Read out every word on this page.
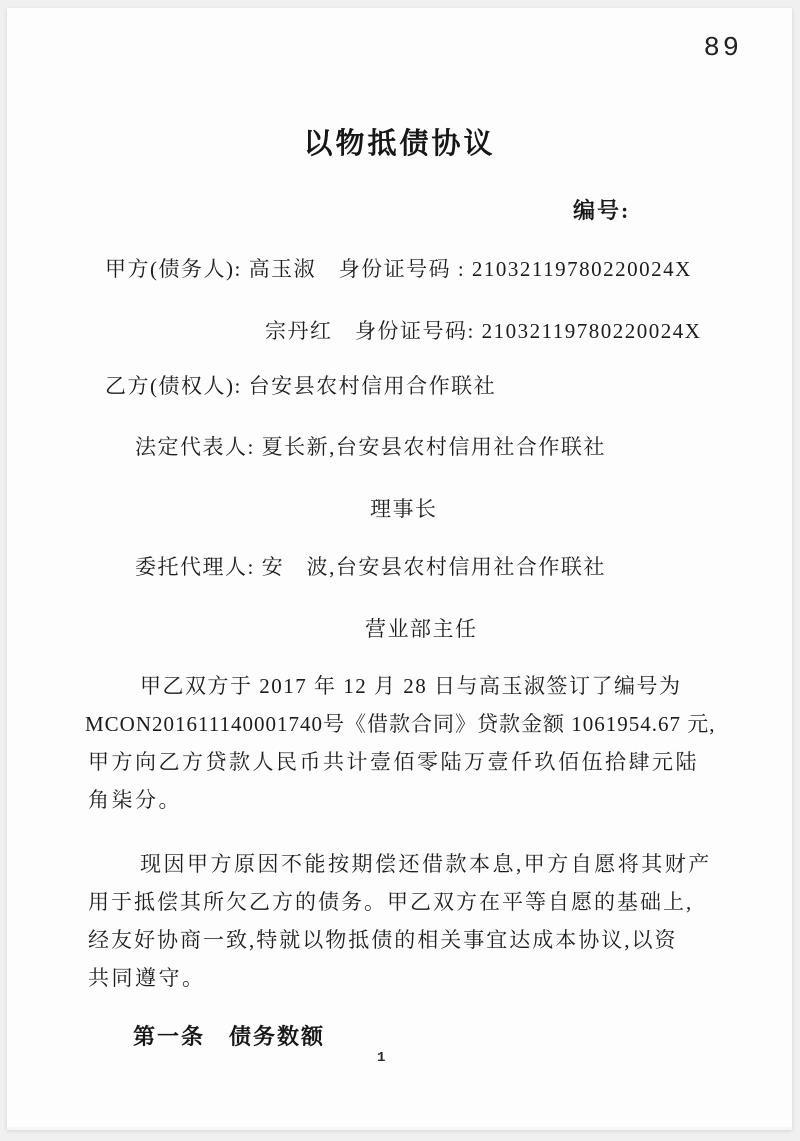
89
以物抵债协议
编号:
甲方(债务人): 高玉淑　身份证号码 : 21032119780220024X
宗丹红　身份证号码: 21032119780220024X
乙方(债权人): 台安县农村信用合作联社
法定代表人: 夏长新,台安县农村信用社合作联社
理事长
委托代理人: 安　波,台安县农村信用社合作联社
营业部主任
甲乙双方于 2017 年 12 月 28 日与高玉淑签订了编号为
MCON201611140001740号《借款合同》贷款金额 1061954.67 元,
甲方向乙方贷款人民币共计壹佰零陆万壹仟玖佰伍拾肆元陆
角柒分。
现因甲方原因不能按期偿还借款本息,甲方自愿将其财产
用于抵偿其所欠乙方的债务。甲乙双方在平等自愿的基础上,
经友好协商一致,特就以物抵债的相关事宜达成本协议,以资
共同遵守。
第一条　债务数额
1
